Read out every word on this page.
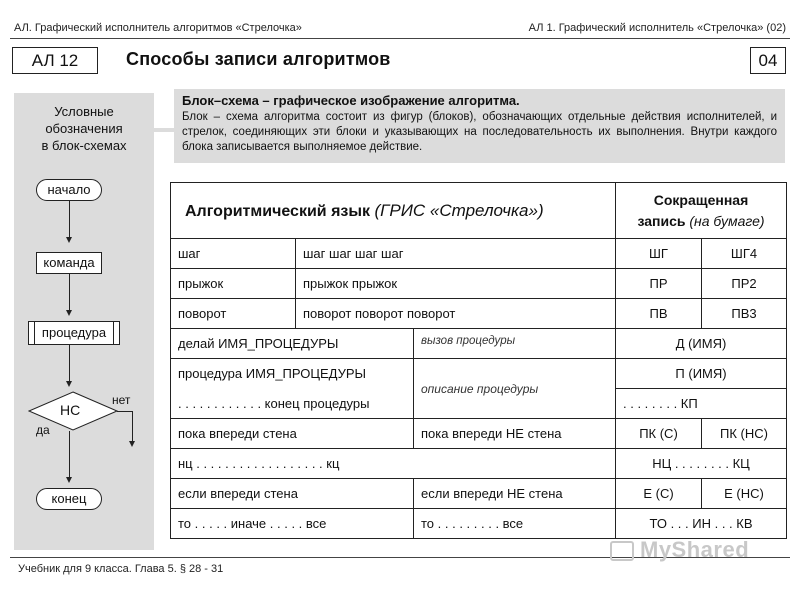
АЛ. Графический исполнитель алгоритмов «Стрелочка»	АЛ 1. Графический исполнитель «Стрелочка» (02)
АЛ 12	Способы записи алгоритмов	04
Условные
обозначения
в блок-схемах
начало
команда
процедура
НС
да
нет
конец
Блок–схема – графическое изображение алгоритма.
Блок – схема алгоритма состоит из фигур (блоков), обозначающих отдельные действия исполнителей, и стрелок, соединяющих эти блоки и указывающих на последовательность их выполнения. Внутри каждого блока записывается выполняемое действие.
Алгоритмический язык (ГРИС «Стрелочка»)			Сокращенная
запись (на бумаге)	

шаг	шаг шаг шаг шаг		ШГ	ШГ4
прыжок	прыжок прыжок		ПР	ПР2
поворот	поворот поворот поворот		ПВ	ПВ3
делай ИМЯ_ПРОЦЕДУРЫ		вызов процедуры	Д (ИМЯ)	
процедура ИМЯ_ПРОЦЕДУРЫ		описание процедуры	П (ИМЯ)	
. . . . . . . . . . . . конец процедуры			. . . . . . . . КП	
пока впереди стена		пока впереди НЕ стена	ПК (С)	ПК (НС)
нц . . . . . . . . . . . . . . . . . . кц			НЦ . . . . . . . . КЦ	
если впереди стена		если впереди НЕ стена	Е (С)	Е (НС)
то . . . . . иначе . . . . . все		то . . . . . . . . . все	ТО . . . ИН . . . КВ	
Учебник для 9 класса. Глава 5. § 28 - 31
MyShared
